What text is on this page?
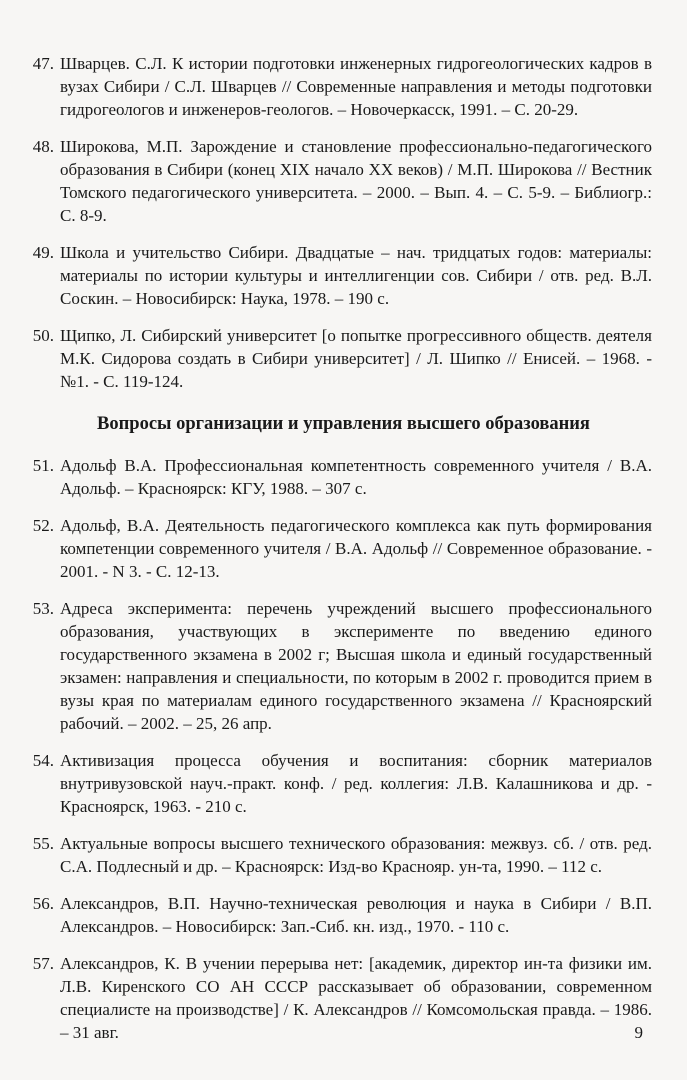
47. Шварцев. С.Л. К истории подготовки инженерных гидрогеологических кадров в вузах Сибири / С.Л. Шварцев // Современные направления и методы подготовки гидрогеологов и инженеров-геологов. – Новочеркасск, 1991. – С. 20-29.
48. Широкова, М.П. Зарождение и становление профессионально-педагогического образования в Сибири (конец XIX начало XX веков) / М.П. Широкова // Вестник Томского педагогического университета. – 2000. – Вып. 4. – С. 5-9. – Библиогр.: С. 8-9.
49. Школа и учительство Сибири. Двадцатые – нач. тридцатых годов: материалы: материалы по истории культуры и интеллигенции сов. Сибири / отв. ред. В.Л. Соскин. – Новосибирск: Наука, 1978. – 190 с.
50. Щипко, Л. Сибирский университет [о попытке прогрессивного обществ. деятеля М.К. Сидорова создать в Сибири университет] / Л. Шипко // Енисей. – 1968. - №1. - С. 119-124.
Вопросы организации и управления высшего образования
51. Адольф В.А. Профессиональная компетентность современного учителя / В.А. Адольф. – Красноярск: КГУ, 1988. – 307 с.
52. Адольф, В.А. Деятельность педагогического комплекса как путь формирования компетенции современного учителя / В.А. Адольф // Современное образование. - 2001. - N 3. - С. 12-13.
53. Адреса эксперимента: перечень учреждений высшего профессионального образования, участвующих в эксперименте по введению единого государственного экзамена в 2002 г; Высшая школа и единый государственный экзамен: направления и специальности, по которым в 2002 г. проводится прием в вузы края по материалам единого государственного экзамена // Красноярский рабочий. – 2002. – 25, 26 апр.
54. Активизация процесса обучения и воспитания: сборник материалов внутривузовской науч.-практ. конф. / ред. коллегия: Л.В. Калашникова и др. - Красноярск, 1963. - 210 с.
55. Актуальные вопросы высшего технического образования: межвуз. сб. / отв. ред. С.А. Подлесный и др. – Красноярск: Изд-во Краснояр. ун-та, 1990. – 112 с.
56. Александров, В.П. Научно-техническая революция и наука в Сибири / В.П. Александров. – Новосибирск: Зап.-Сиб. кн. изд., 1970. - 110 с.
57. Александров, К. В учении перерыва нет: [академик, директор ин-та физики им. Л.В. Киренского СО АН СССР рассказывает об образовании, современном специалисте на производстве] / К. Александров // Комсомольская правда. – 1986. – 31 авг.	9
